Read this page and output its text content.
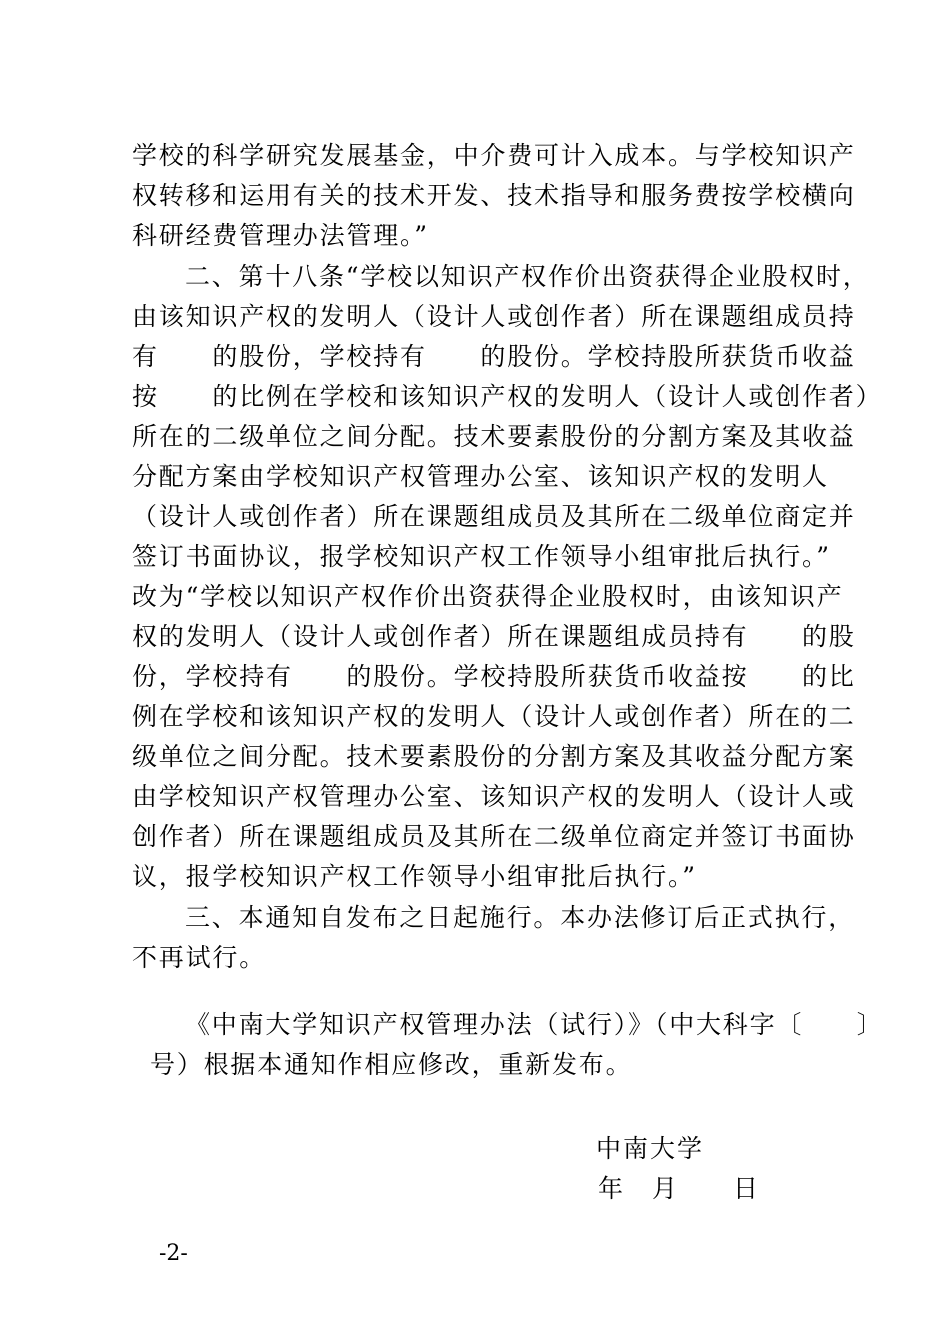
学校的科学研究发展基金，中介费可计入成本。与学校知识产
权转移和运用有关的技术开发、技术指导和服务费按学校横向
科研经费管理办法管理。”
二、第十八条“学校以知识产权作价出资获得企业股权时，
由该知识产权的发明人（设计人或创作者）所在课题组成员持
有　　的股份，学校持有　　的股份。学校持股所获货币收益
按　　的比例在学校和该知识产权的发明人（设计人或创作者）
所在的二级单位之间分配。技术要素股份的分割方案及其收益
分配方案由学校知识产权管理办公室、该知识产权的发明人
（设计人或创作者）所在课题组成员及其所在二级单位商定并
签订书面协议，报学校知识产权工作领导小组审批后执行。”
改为“学校以知识产权作价出资获得企业股权时，由该知识产
权的发明人（设计人或创作者）所在课题组成员持有　　的股
份，学校持有　　的股份。学校持股所获货币收益按　　的比
例在学校和该知识产权的发明人（设计人或创作者）所在的二
级单位之间分配。技术要素股份的分割方案及其收益分配方案
由学校知识产权管理办公室、该知识产权的发明人（设计人或
创作者）所在课题组成员及其所在二级单位商定并签订书面协
议，报学校知识产权工作领导小组审批后执行。”
三、本通知自发布之日起施行。本办法修订后正式执行，
不再试行。
《中南大学知识产权管理办法（试行）》（中大科字〔　　〕
号）根据本通知作相应修改，重新发布。
中南大学
年　月　　日
-2-
